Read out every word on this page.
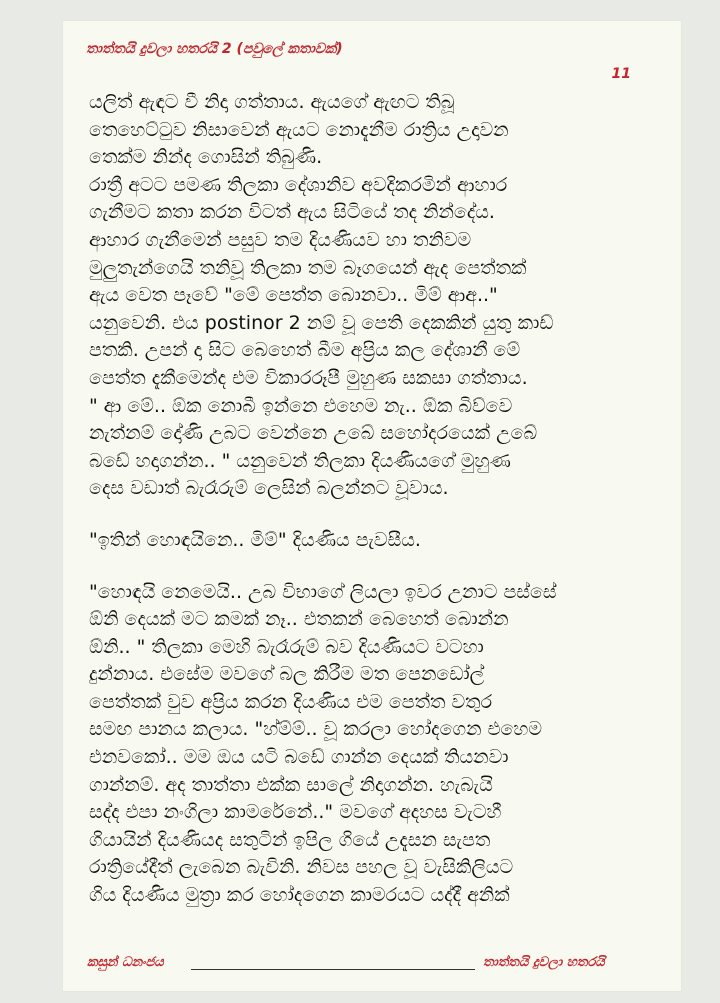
තාත්තයි දුවලා හතරයි 2 (පවුලේ කතාවක්)
11
යලිත් ඇඳට වී නිදා ගත්තාය. ඇයගේ ඇඟට තිබූ
තෙහෙට්ටුව නිසාවෙන් ඇයට නොදැනීම රාත්‍රිය උදාවන
තෙක්ම නින්ද ගොසින් තිබුණි.
රාත්‍රී අටට පමණ තිලකා දේශානිව අවදිකරමින් ආහාර
ගැනීමට කතා කරන විටත් ඇය සිටියේ තද නින්දේය.
ආහාර ගැනීමෙන් පසුව තම දියණියව හා තනිවම
මුලුතැන්ගෙයි තනිවූ තිලකා තම බෑගයෙන් ඇද පෙත්තක්
ඇය වෙත පෑවේ "මේ පෙත්ත බොනවා.. මිම් ආඅ.."
යනුවෙනි. එය postinor 2 නම් වූ පෙති දෙකකින් යුතු කාඩ්
පතකි. උපන් දා සිට බෙහෙත් බීම අප්‍රිය කල දේශානී මේ
පෙත්ත දැකීමෙන්ද එම විකාරරූපී මුහුණ සකසා ගත්තාය.
" ආ මේ.. ඕක නොබී ඉන්නෙ එහෙම නැ.. ඕක බිව්වෙ
නැත්නම් දෝණි උබට වෙන්නෙ උබේ සහෝදරයෙක් උබේ
බඩේ හදාගන්න.. " යනුවෙන් තිලකා දියණියගේ මුහුණ
දෙස වඩාත් බැරෑරුම් ලෙසින් බලන්නට වූවාය.
"ඉතින් හොඳයිනෙ.. මිම්" දියණිය පැවසීය.
"හොඳයි නෙමෙයි.. උබ විභාගේ ලියලා ඉවර උනාට පස්සේ
ඕනි දෙයක් මට කමක් නෑ.. එතකන් බෙහෙත් බොන්න
ඕනි.. " තිලකා මෙහි බැරෑරුම් බව දියණියට වටහා
දුන්නාය. එසේම මවගේ බල කිරීම මත පෙනඩෝල්
පෙත්තක් වුව අප්‍රිය කරන දියණිය එම පෙත්ත වතුර
සමඟ පානය කලාය. "හ්ම්ම්.. චූ කරලා හෝදගෙන එහෙම
එනවකෝ.. මම ඔය යටි බඩේ ගාන්න දෙයක් තියනවා
ගාන්නම්. අද තාත්තා එක්ක සාලේ නිදාගන්න. හැබැයි
සද්ද එපා නංගිලා කාමරේනේ.." මවගේ අදහස වැටහී
ගියායින් දියණියද සතුටින් ඉපිල ගියේ උදැසන සැපත
රාත්‍රියේදීත් ලැබෙන බැවිනි. නිවස පහල වූ වැසිකිලියට
ගිය දියණිය මුත්‍රා කර හෝදගෙන කාමරයට යද්දී අනික්
කසුන් ධනංජය	තාත්තයි දුවලා හතරයි
